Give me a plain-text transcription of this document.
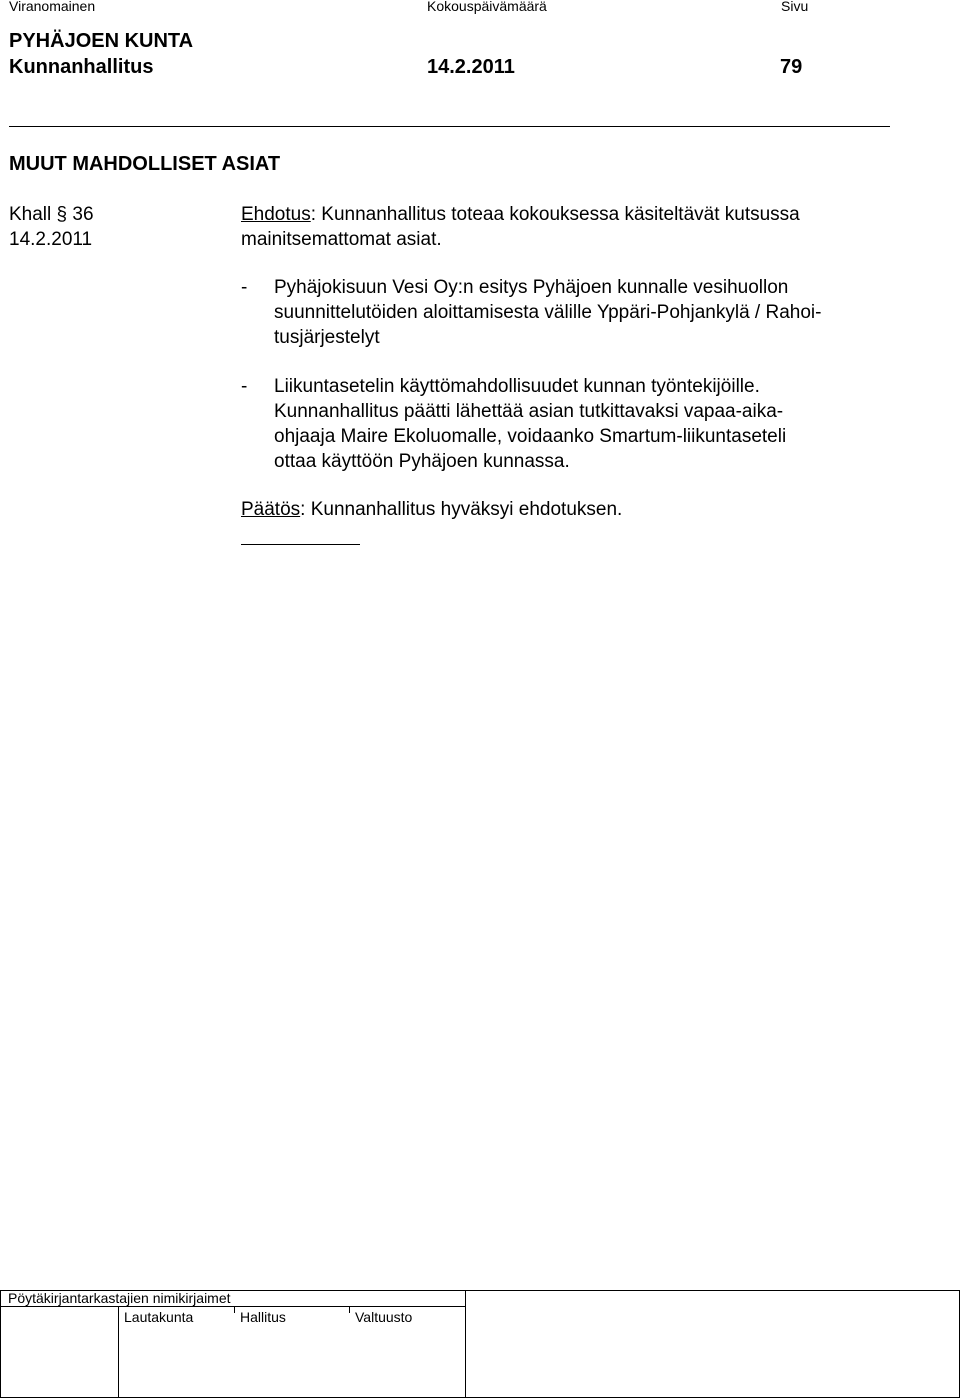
Viranomainen	Kokouspäivämäärä	Sivu
PYHÄJOEN KUNTA
Kunnanhallitus	14.2.2011	79
MUUT MAHDOLLISET ASIAT
Khall § 36
14.2.2011
Ehdotus: Kunnanhallitus toteaa kokouksessa käsiteltävät kutsussa
mainitsemattomat asiat.
- Pyhäjokisuun Vesi Oy:n esitys Pyhäjoen kunnalle vesihuollon
suunnittelutöiden aloittamisesta välille Yppäri-Pohjankylä / Rahoi-
tusjärjestelyt
- Liikuntasetelin käyttömahdollisuudet kunnan työntekijöille.
Kunnanhallitus päätti lähettää asian tutkittavaksi vapaa-aika-
ohjaaja Maire Ekoluomalle, voidaanko Smartum-liikuntaseteli
ottaa käyttöön Pyhäjoen kunnassa.
Päätös: Kunnanhallitus hyväksyi ehdotuksen.
Pöytäkirjantarkastajien nimikirjaimet
Lautakunta	Hallitus	Valtuusto
